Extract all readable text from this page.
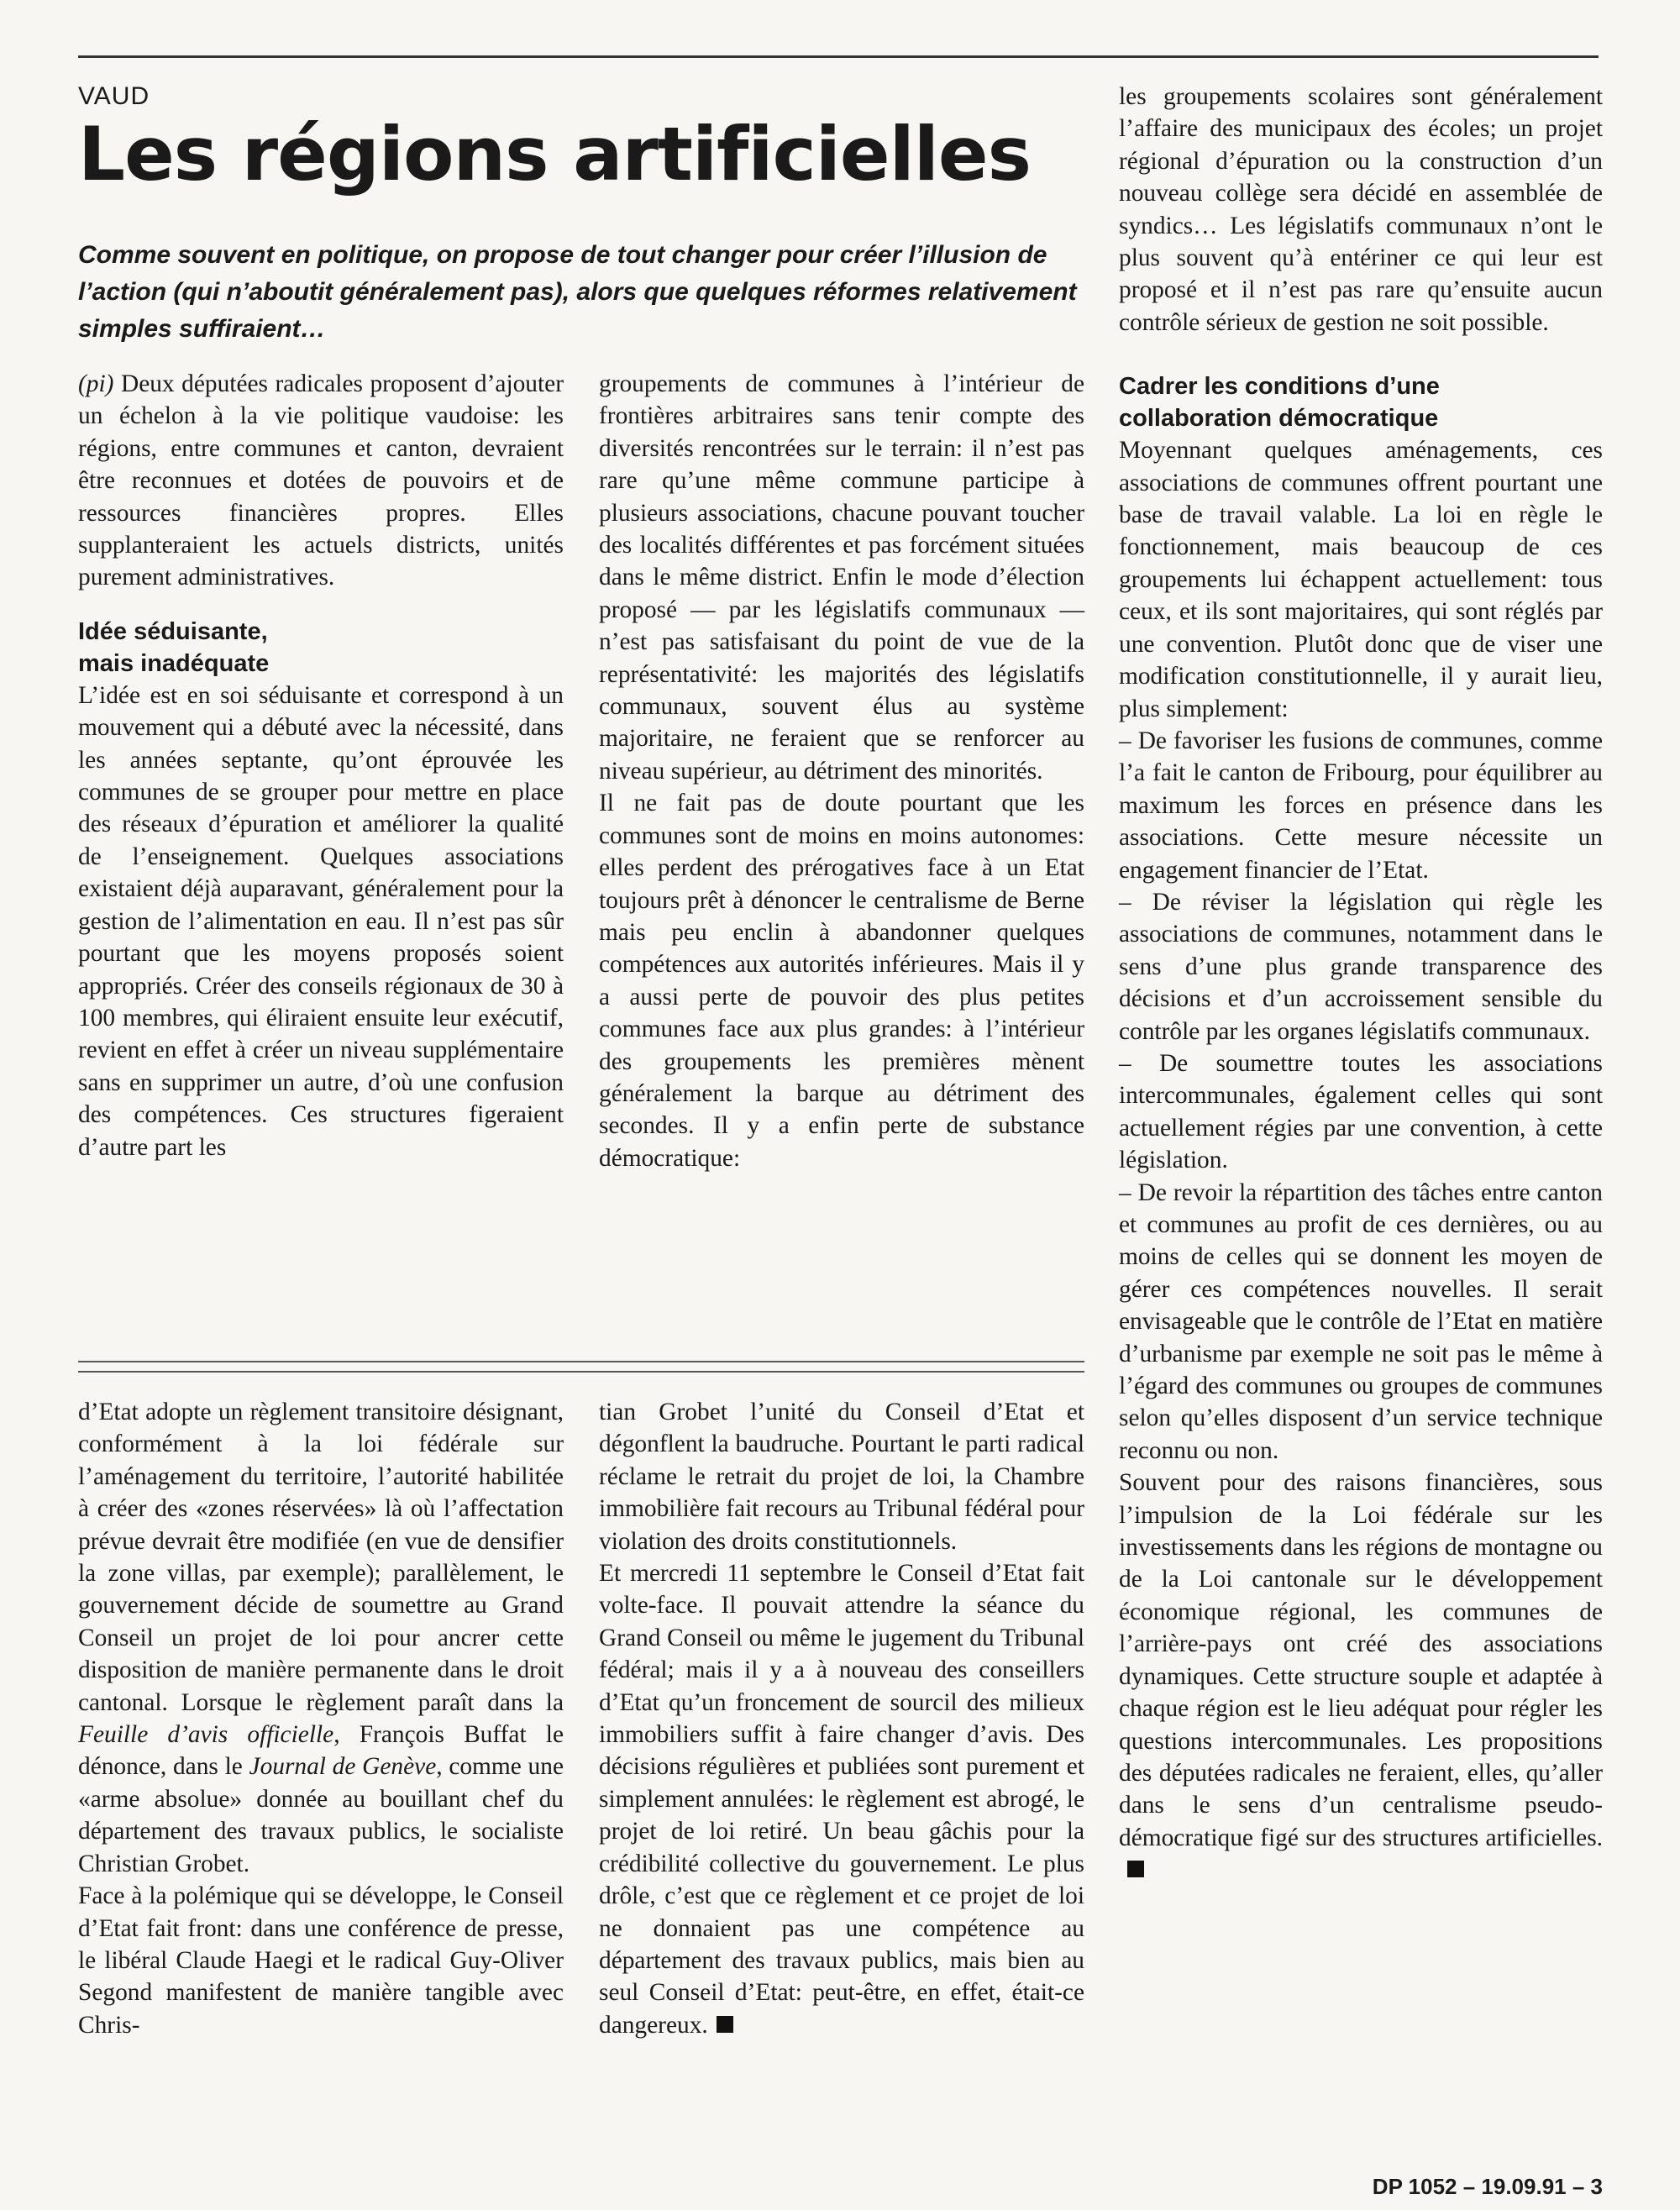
VAUD
Les régions artificielles
Comme souvent en politique, on propose de tout changer pour créer l’illusion de l’action (qui n’aboutit généralement pas), alors que quelques réformes relativement simples suffiraient…

(pi) Deux députées radicales proposent d’ajouter un échelon à la vie politique vaudoise: les régions, entre communes et canton, devraient être reconnues et dotées de pouvoirs et de ressources financières propres. Elles supplanteraient les actuels districts, unités purement administratives.

Idée séduisante,
mais inadéquate

L’idée est en soi séduisante et correspond à un mouvement qui a débuté avec la nécessité, dans les années septante, qu’ont éprouvée les communes de se grouper pour mettre en place des réseaux d’épuration et améliorer la qualité de l’enseignement. Quelques associations existaient déjà auparavant, généralement pour la gestion de l’alimentation en eau. Il n’est pas sûr pourtant que les moyens proposés soient appropriés. Créer des conseils régionaux de 30 à 100 membres, qui éliraient ensuite leur exécutif, revient en effet à créer un niveau supplémentaire sans en supprimer un autre, d’où une confusion des compétences. Ces structures figeraient d’autre part les

groupements de communes à l’intérieur de frontières arbitraires sans tenir compte des diversités rencontrées sur le terrain: il n’est pas rare qu’une même commune participe à plusieurs associations, chacune pouvant toucher des localités différentes et pas forcément situées dans le même district. Enfin le mode d’élection proposé — par les législatifs communaux — n’est pas satisfaisant du point de vue de la représentativité: les majorités des législatifs communaux, souvent élus au système majoritaire, ne feraient que se renforcer au niveau supérieur, au détriment des minorités.

Il ne fait pas de doute pourtant que les communes sont de moins en moins autonomes: elles perdent des prérogatives face à un Etat toujours prêt à dénoncer le centralisme de Berne mais peu enclin à abandonner quelques compétences aux autorités inférieures. Mais il y a aussi perte de pouvoir des plus petites communes face aux plus grandes: à l’intérieur des groupements les premières mènent généralement la barque au détriment des secondes. Il y a enfin perte de substance démocratique:

les groupements scolaires sont généralement l’affaire des municipaux des écoles; un projet régional d’épuration ou la construction d’un nouveau collège sera décidé en assemblée de syndics… Les législatifs communaux n’ont le plus souvent qu’à entériner ce qui leur est proposé et il n’est pas rare qu’ensuite aucun contrôle sérieux de gestion ne soit possible.

Cadrer les conditions d’une
collaboration démocratique

Moyennant quelques aménagements, ces associations de communes offrent pourtant une base de travail valable. La loi en règle le fonctionnement, mais beaucoup de ces groupements lui échappent actuellement: tous ceux, et ils sont majoritaires, qui sont réglés par une convention. Plutôt donc que de viser une modification constitutionnelle, il y aurait lieu, plus simplement:

– De favoriser les fusions de communes, comme l’a fait le canton de Fribourg, pour équilibrer au maximum les forces en présence dans les associations. Cette mesure nécessite un engagement financier de l’Etat.

– De réviser la législation qui règle les associations de communes, notamment dans le sens d’une plus grande transparence des décisions et d’un accroissement sensible du contrôle par les organes législatifs communaux.

– De soumettre toutes les associations intercommunales, également celles qui sont actuellement régies par une convention, à cette législation.

– De revoir la répartition des tâches entre canton et communes au profit de ces dernières, ou au moins de celles qui se donnent les moyen de gérer ces compétences nouvelles. Il serait envisageable que le contrôle de l’Etat en matière d’urbanisme par exemple ne soit pas le même à l’égard des communes ou groupes de communes selon qu’elles disposent d’un service technique reconnu ou non.

Souvent pour des raisons financières, sous l’impulsion de la Loi fédérale sur les investissements dans les régions de montagne ou de la Loi cantonale sur le développement économique régional, les communes de l’arrière-pays ont créé des associations dynamiques. Cette structure souple et adaptée à chaque région est le lieu adéquat pour régler les questions intercommunales. Les propositions des députées radicales ne feraient, elles, qu’aller dans le sens d’un centralisme pseudo-démocratique figé sur des structures artificielles.

d’Etat adopte un règlement transitoire désignant, conformément à la loi fédérale sur l’aménagement du territoire, l’autorité habilitée à créer des «zones réservées» là où l’affectation prévue devrait être modifiée (en vue de densifier la zone villas, par exemple); parallèlement, le gouvernement décide de soumettre au Grand Conseil un projet de loi pour ancrer cette disposition de manière permanente dans le droit cantonal. Lorsque le règlement paraît dans la Feuille d’avis officielle, François Buffat le dénonce, dans le Journal de Genève, comme une «arme absolue» donnée au bouillant chef du département des travaux publics, le socialiste Christian Grobet.

Face à la polémique qui se développe, le Conseil d’Etat fait front: dans une conférence de presse, le libéral Claude Haegi et le radical Guy-Oliver Segond manifestent de manière tangible avec Chris-

tian Grobet l’unité du Conseil d’Etat et dégonflent la baudruche. Pourtant le parti radical réclame le retrait du projet de loi, la Chambre immobilière fait recours au Tribunal fédéral pour violation des droits constitutionnels.

Et mercredi 11 septembre le Conseil d’Etat fait volte-face. Il pouvait attendre la séance du Grand Conseil ou même le jugement du Tribunal fédéral; mais il y a à nouveau des conseillers d’Etat qu’un froncement de sourcil des milieux immobiliers suffit à faire changer d’avis. Des décisions régulières et publiées sont purement et simplement annulées: le règlement est abrogé, le projet de loi retiré. Un beau gâchis pour la crédibilité collective du gouvernement. Le plus drôle, c’est que ce règlement et ce projet de loi ne donnaient pas une compétence au département des travaux publics, mais bien au seul Conseil d’Etat: peut-être, en effet, était-ce dangereux.

DP 1052 – 19.09.91 – 3
